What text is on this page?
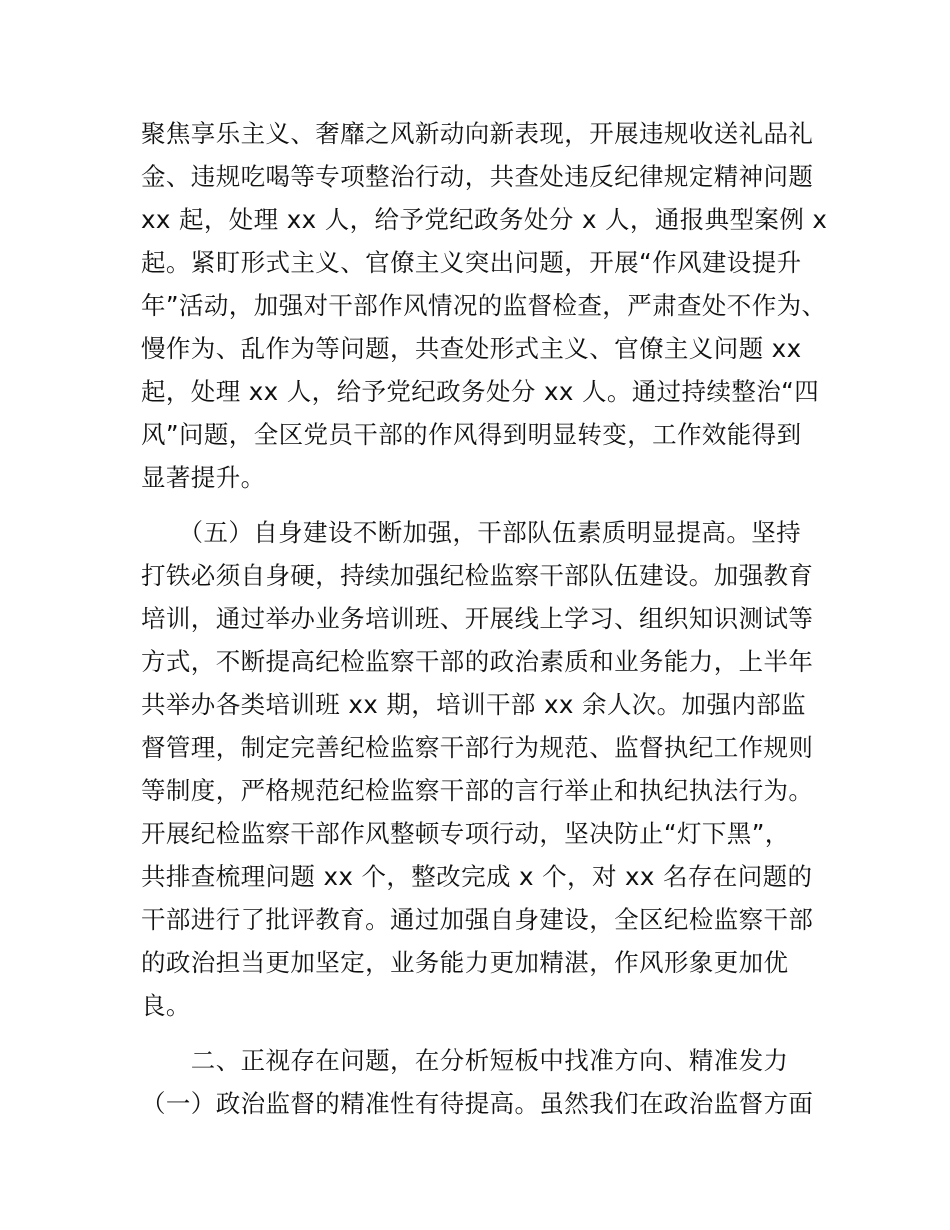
聚焦享乐主义、奢靡之风新动向新表现，开展违规收送礼品礼
金、违规吃喝等专项整治行动，共查处违反纪律规定精神问题
xx 起，处理 xx 人，给予党纪政务处分 x 人，通报典型案例 x
起。紧盯形式主义、官僚主义突出问题，开展“作风建设提升
年”活动，加强对干部作风情况的监督检查，严肃查处不作为、
慢作为、乱作为等问题，共查处形式主义、官僚主义问题 xx
起，处理 xx 人，给予党纪政务处分 xx 人。通过持续整治“四
风”问题，全区党员干部的作风得到明显转变，工作效能得到
显著提升。

　　（五）自身建设不断加强，干部队伍素质明显提高。坚持
打铁必须自身硬，持续加强纪检监察干部队伍建设。加强教育
培训，通过举办业务培训班、开展线上学习、组织知识测试等
方式，不断提高纪检监察干部的政治素质和业务能力，上半年
共举办各类培训班 xx 期，培训干部 xx 余人次。加强内部监
督管理，制定完善纪检监察干部行为规范、监督执纪工作规则
等制度，严格规范纪检监察干部的言行举止和执纪执法行为。
开展纪检监察干部作风整顿专项行动，坚决防止“灯下黑”，
共排查梳理问题 xx 个，整改完成 x 个，对 xx 名存在问题的
干部进行了批评教育。通过加强自身建设，全区纪检监察干部
的政治担当更加坚定，业务能力更加精湛，作风形象更加优良。

　　二、正视存在问题，在分析短板中找准方向、精准发力
（一）政治监督的精准性有待提高。虽然我们在政治监督方面
